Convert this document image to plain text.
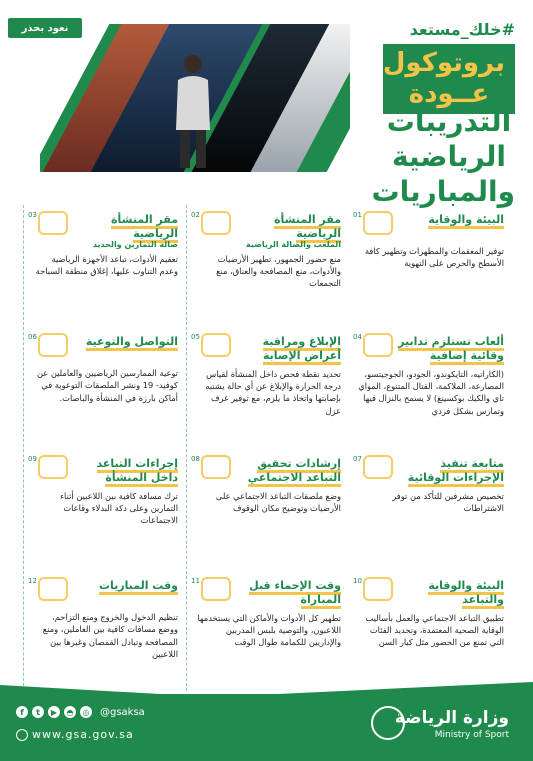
نعود بحذر	#خلك_مستعد
بروتوكول
عــودة
التدريبات
الرياضية
والمباريات
01	البيئة والوقاية
توفير المعقمات والمطهرات وتطهير كافة الأسطح والحرص على التهوية
02	مقر المنشأة الرياضية
الملعب والصالة الرياضية
منع حضور الجمهور، تطهير الأرضيات والأدوات، منع المصافحة والعناق، منع التجمعات
03	مقر المنشأة الرياضية
صالة التمارين والحديد
تعقيم الأدوات، تباعد الأجهزة الرياضية وعدم التناوب عليها، إغلاق منطقة السباحة
04	ألعاب تستلزم تدابير وقائية إضافية
(الكاراتيه، التايكوندو، الجودو، الجوجيتسو، المصارعة، الملاكمة، القتال المتنوع، المواي تاي والكيك بوكسينغ) لا يسمح بالنزال فيها وتمارس بشكل فردي
05	الإبلاغ ومراقبة أعراض الإصابة
تحديد نقطة فحص داخل المنشأة لقياس درجة الحرارة والإبلاغ عن أي حالة يشتبه بإصابتها واتخاذ ما يلزم، مع توفير غرف عزل
06	التواصل والتوعية
توعية الممارسين الرياضيين والعاملين عن كوفيد- 19 ونشر الملصقات التوعوية في أماكن بارزة في المنشأة والباصات.
07	متابعة تنفيذ الإجراءات الوقائية
تخصيص مشرفين للتأكد من توفر الاشتراطات
08	إرشادات تحقيق التباعد الاجتماعي
وضع ملصقات التباعد الاجتماعي على الأرضيات وتوضيح مكان الوقوف
09	إجراءات التباعد داخل المنشأة
ترك مسافة كافية بين اللاعبين أثناء التمارين وعلى دكة البدلاء وقاعات الاجتماعات
10	البيئة والوقاية والتباعد
تطبيق التباعد الاجتماعي والعمل بأساليب الوقاية الصحية المعتمدة، وتحديد الفئات التي تمنع من الحضور مثل كبار السن
11	وقت الإحماء قبل المباراة
تطهير كل الأدوات والأماكن التي يستخدمها اللاعبون، والتوصية بلبس المدربين والإداريين للكمامة طوال الوقت
12	وقت المباريات
تنظيم الدخول والخروج ومنع التزاحم، ووضع مسافات كافية بين العاملين، ومنع المصافحة وتبادل القمصان وغيرها بين اللاعبين
وزارة الرياضة
Ministry of Sport
f	t	▶	◓	◎ @gsaksa
www.gsa.gov.sa
